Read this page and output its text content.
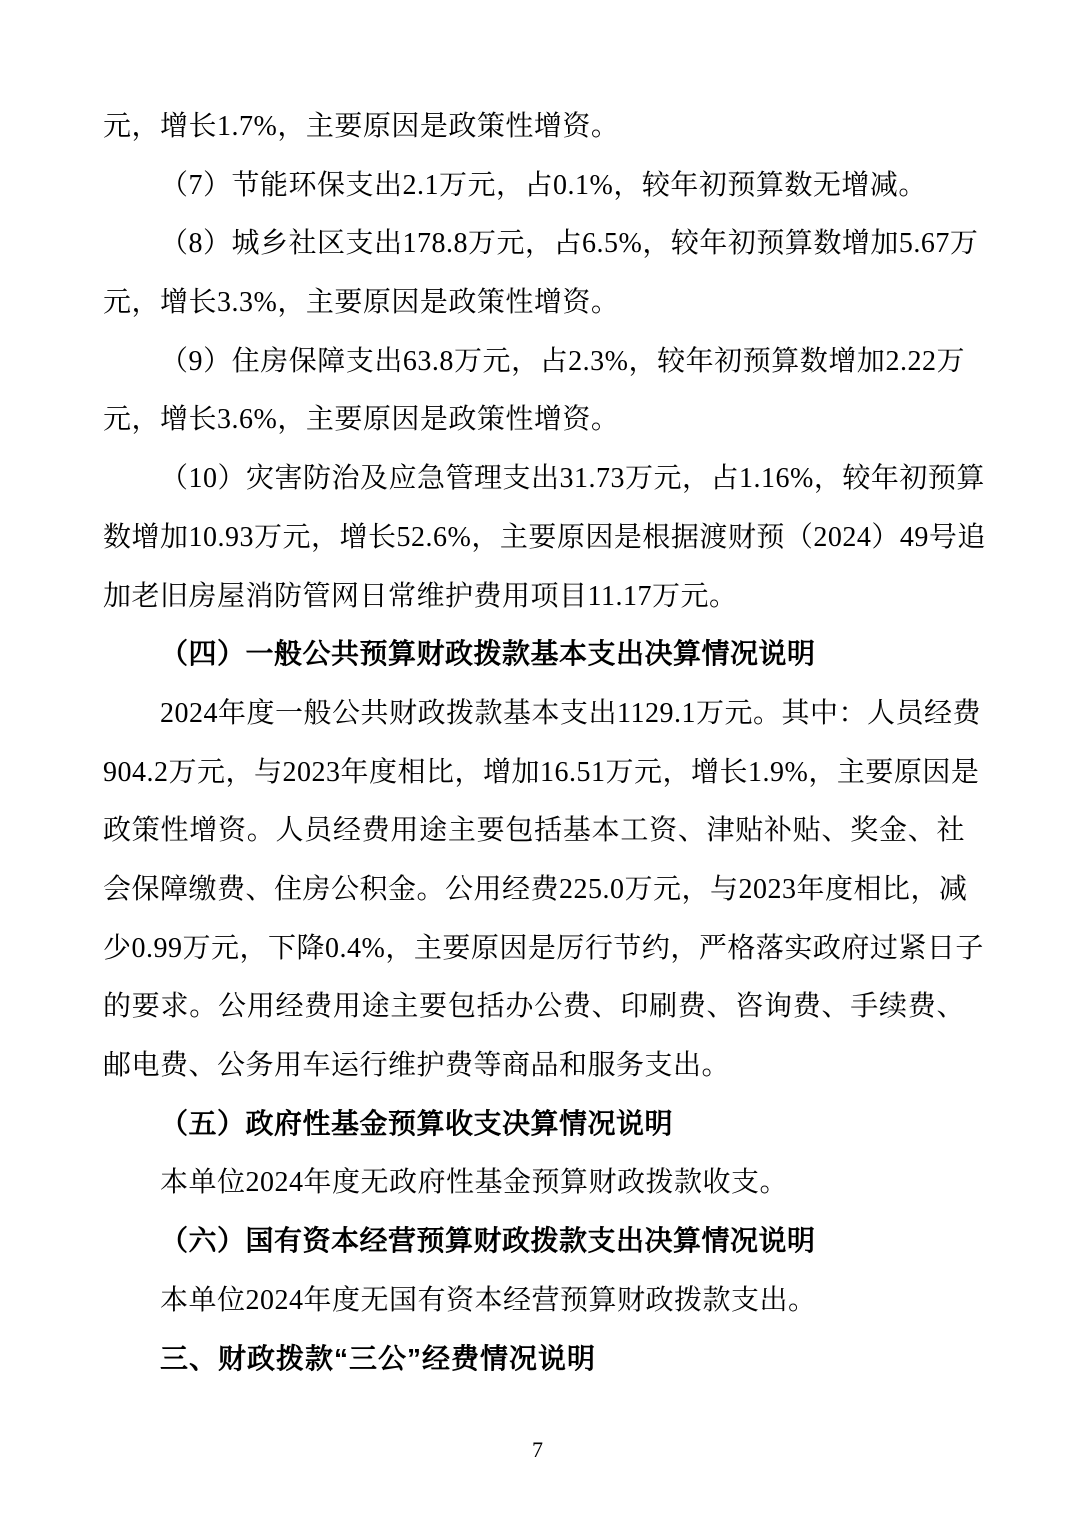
元，增长1.7%，主要原因是政策性增资。
（7）节能环保支出2.1万元，占0.1%，较年初预算数无增减。
（8）城乡社区支出178.8万元，占6.5%，较年初预算数增加5.67万
元，增长3.3%，主要原因是政策性增资。
（9）住房保障支出63.8万元，占2.3%，较年初预算数增加2.22万
元，增长3.6%，主要原因是政策性增资。
（10）灾害防治及应急管理支出31.73万元，占1.16%，较年初预算
数增加10.93万元，增长52.6%，主要原因是根据渡财预（2024）49号追
加老旧房屋消防管网日常维护费用项目11.17万元。
（四）一般公共预算财政拨款基本支出决算情况说明
2024年度一般公共财政拨款基本支出1129.1万元。其中：人员经费
904.2万元，与2023年度相比，增加16.51万元，增长1.9%，主要原因是
政策性增资。人员经费用途主要包括基本工资、津贴补贴、奖金、社
会保障缴费、住房公积金。公用经费225.0万元，与2023年度相比，减
少0.99万元，下降0.4%，主要原因是厉行节约，严格落实政府过紧日子
的要求。公用经费用途主要包括办公费、印刷费、咨询费、手续费、
邮电费、公务用车运行维护费等商品和服务支出。
（五）政府性基金预算收支决算情况说明
本单位2024年度无政府性基金预算财政拨款收支。
（六）国有资本经营预算财政拨款支出决算情况说明
本单位2024年度无国有资本经营预算财政拨款支出。
三、财政拨款“三公”经费情况说明
7
